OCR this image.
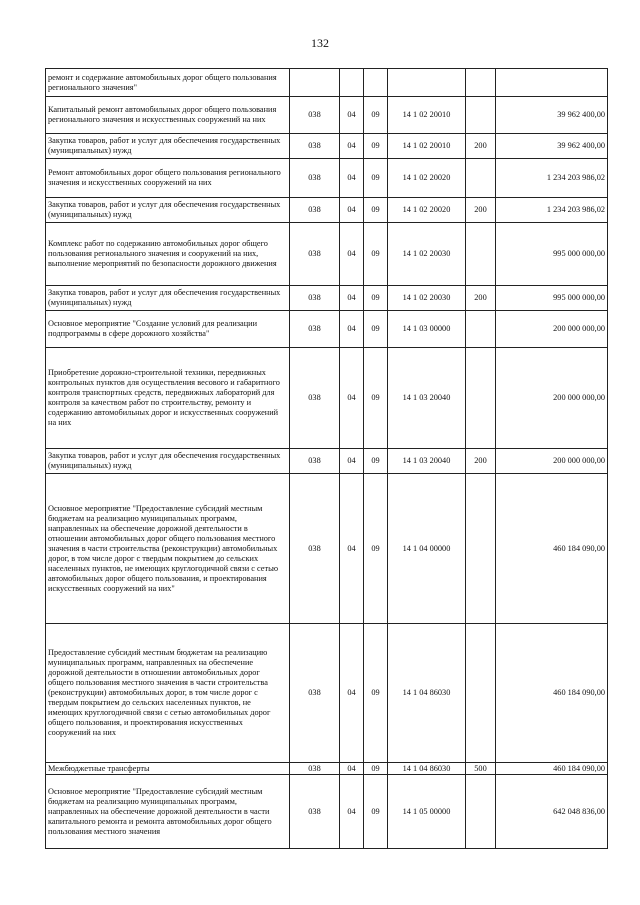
132
ремонт и содержание автомобильных дорог общего пользования регионального значения"						
Капитальный ремонт автомобильных дорог общего пользования регионального значения и искусственных сооружений на них	038	04	09	14 1 02 20010		39 962 400,00
Закупка товаров, работ и услуг для обеспечения государственных (муниципальных) нужд	038	04	09	14 1 02 20010	200	39 962 400,00
Ремонт автомобильных дорог общего пользования регионального значения и искусственных сооружений на них	038	04	09	14 1 02 20020		1 234 203 986,02
Закупка товаров, работ и услуг для обеспечения государственных (муниципальных) нужд	038	04	09	14 1 02 20020	200	1 234 203 986,02
Комплекс работ по содержанию автомобильных дорог общего пользования регионального значения и сооружений на них, выполнение мероприятий по безопасности дорожного движения	038	04	09	14 1 02 20030		995 000 000,00
Закупка товаров, работ и услуг для обеспечения государственных (муниципальных) нужд	038	04	09	14 1 02 20030	200	995 000 000,00
Основное мероприятие "Создание условий для реализации подпрограммы в сфере дорожного хозяйства"	038	04	09	14 1 03 00000		200 000 000,00
Приобретение дорожно-строительной техники, передвижных контрольных пунктов для осуществления весового и габаритного контроля транспортных средств, передвижных лабораторий для контроля за качеством работ по строительству, ремонту и содержанию автомобильных дорог и искусственных сооружений на них	038	04	09	14 1 03 20040		200 000 000,00
Закупка товаров, работ и услуг для обеспечения государственных (муниципальных) нужд	038	04	09	14 1 03 20040	200	200 000 000,00
Основное мероприятие "Предоставление субсидий местным бюджетам на реализацию муниципальных программ, направленных на обеспечение дорожной деятельности в отношении автомобильных дорог общего пользования местного значения в части строительства (реконструкции) автомобильных дорог, в том числе дорог с твердым покрытием до сельских населенных пунктов, не имеющих круглогодичной связи с сетью автомобильных дорог общего пользования, и проектирования искусственных сооружений на них"	038	04	09	14 1 04 00000		460 184 090,00
Предоставление субсидий местным бюджетам на реализацию муниципальных программ, направленных на обеспечение дорожной деятельности в отношении автомобильных дорог общего пользования местного значения в части строительства (реконструкции) автомобильных дорог, в том числе дорог с твердым покрытием до сельских населенных пунктов, не имеющих круглогодичной связи с сетью автомобильных дорог общего пользования, и проектирования искусственных сооружений на них	038	04	09	14 1 04 86030		460 184 090,00
Межбюджетные трансферты	038	04	09	14 1 04 86030	500	460 184 090,00
Основное мероприятие "Предоставление субсидий местным бюджетам на реализацию муниципальных программ, направленных на обеспечение дорожной деятельности в части капитального ремонта и ремонта автомобильных дорог общего пользования местного значения	038	04	09	14 1 05 00000		642 048 836,00
